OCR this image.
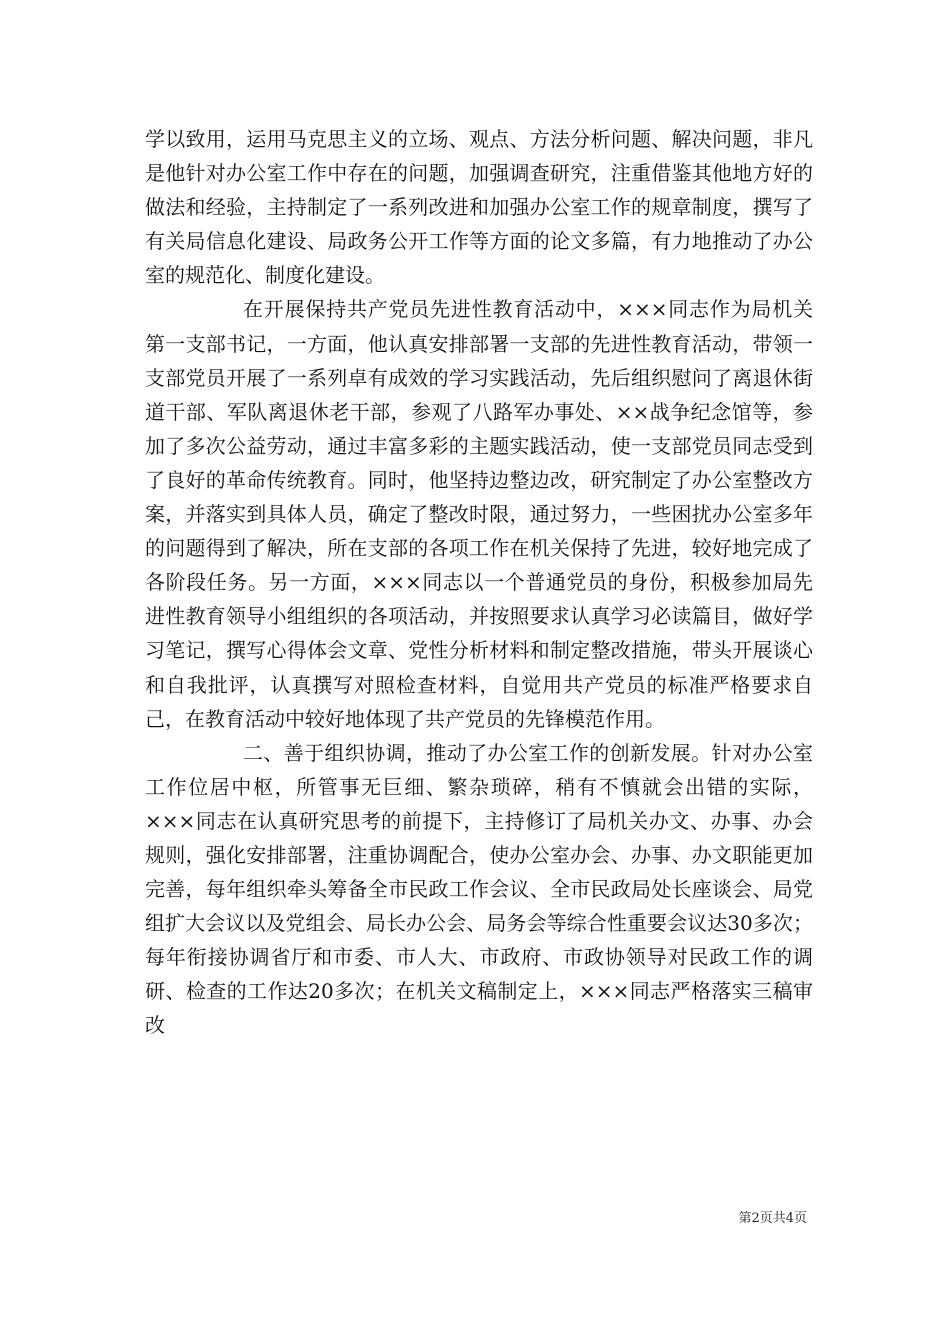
学以致用，运用马克思主义的立场、观点、方法分析问题、解决问题，非凡是他针对办公室工作中存在的问题，加强调查研究，注重借鉴其他地方好的做法和经验，主持制定了一系列改进和加强办公室工作的规章制度，撰写了有关局信息化建设、局政务公开工作等方面的论文多篇，有力地推动了办公室的规范化、制度化建设。

在开展保持共产党员先进性教育活动中，×××同志作为局机关第一支部书记，一方面，他认真安排部署一支部的先进性教育活动，带领一支部党员开展了一系列卓有成效的学习实践活动，先后组织慰问了离退休街道干部、军队离退休老干部，参观了八路军办事处、××战争纪念馆等，参加了多次公益劳动，通过丰富多彩的主题实践活动，使一支部党员同志受到了良好的革命传统教育。同时，他坚持边整边改，研究制定了办公室整改方案，并落实到具体人员，确定了整改时限，通过努力，一些困扰办公室多年的问题得到了解决，所在支部的各项工作在机关保持了先进，较好地完成了各阶段任务。另一方面，×××同志以一个普通党员的身份，积极参加局先进性教育领导小组组织的各项活动，并按照要求认真学习必读篇目，做好学习笔记，撰写心得体会文章、党性分析材料和制定整改措施，带头开展谈心和自我批评，认真撰写对照检查材料，自觉用共产党员的标准严格要求自己，在教育活动中较好地体现了共产党员的先锋模范作用。

二、善于组织协调，推动了办公室工作的创新发展。针对办公室工作位居中枢，所管事无巨细、繁杂琐碎，稍有不慎就会出错的实际，×××同志在认真研究思考的前提下，主持修订了局机关办文、办事、办会规则，强化安排部署，注重协调配合，使办公室办会、办事、办文职能更加完善，每年组织牵头筹备全市民政工作会议、全市民政局处长座谈会、局党组扩大会议以及党组会、局长办公会、局务会等综合性重要会议达30多次；每年衔接协调省厅和市委、市人大、市政府、市政协领导对民政工作的调研、检查的工作达20多次；在机关文稿制定上，×××同志严格落实三稿审改

第2页共4页
